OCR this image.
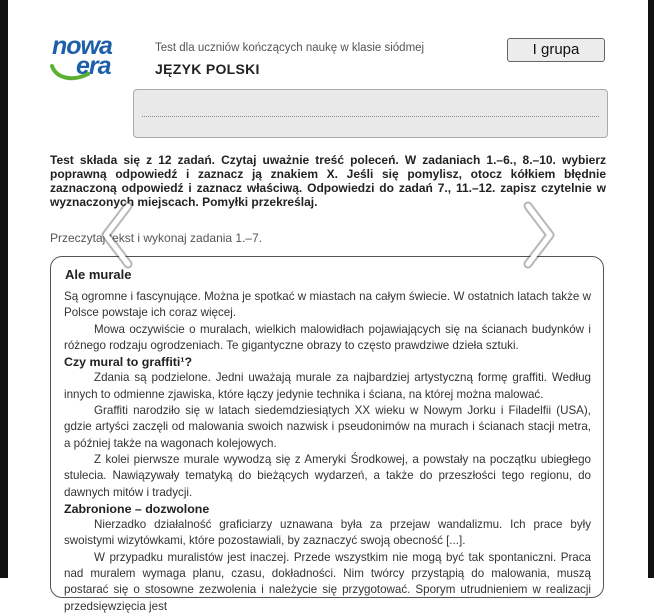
nowa
era
Test dla uczniów kończących naukę w klasie siódmej
JĘZYK POLSKI
I grupa
Test składa się z 12 zadań. Czytaj uważnie treść poleceń. W zadaniach 1.–6., 8.–10. wybierz poprawną odpowiedź i zaznacz ją znakiem X. Jeśli się pomylisz, otocz kółkiem błędnie zaznaczoną odpowiedź i zaznacz właściwą. Odpowiedzi do zadań 7., 11.–12. zapisz czytelnie w wyznaczonych miejscach. Pomyłki przekreślaj.
Przeczytaj tekst i wykonaj zadania 1.–7.
Ale murale

Są ogromne i fascynujące. Można je spotkać w miastach na całym świecie. W ostatnich latach także w Polsce powstaje ich coraz więcej.

Mowa oczywiście o muralach, wielkich malowidłach pojawiających się na ścianach budynków i różnego rodzaju ogrodzeniach. Te gigantyczne obrazy to często prawdziwe dzieła sztuki.

Czy mural to graffiti¹?

Zdania są podzielone. Jedni uważają murale za najbardziej artystyczną formę graffiti. Według innych to odmienne zjawiska, które łączy jedynie technika i ściana, na której można malować.

Graffiti narodziło się w latach siedemdziesiątych XX wieku w Nowym Jorku i Filadelfii (USA), gdzie artyści zaczęli od malowania swoich nazwisk i pseudonimów na murach i ścianach stacji metra, a później także na wagonach kolejowych.

Z kolei pierwsze murale wywodzą się z Ameryki Środkowej, a powstały na początku ubiegłego stulecia. Nawiązywały tematyką do bieżących wydarzeń, a także do przeszłości tego regionu, do dawnych mitów i tradycji.

Zabronione – dozwolone

Nierzadko działalność graficiarzy uznawana była za przejaw wandalizmu. Ich prace były swoistymi wizytówkami, które pozostawiali, by zaznaczyć swoją obecność [...].

W przypadku muralistów jest inaczej. Przede wszystkim nie mogą być tak spontaniczni. Praca nad muralem wymaga planu, czasu, dokładności. Nim twórcy przystąpią do malowania, muszą postarać się o stosowne zezwolenia i należycie się przygotować. Sporym utrudnieniem w realizacji przedsięwzięcia jest
